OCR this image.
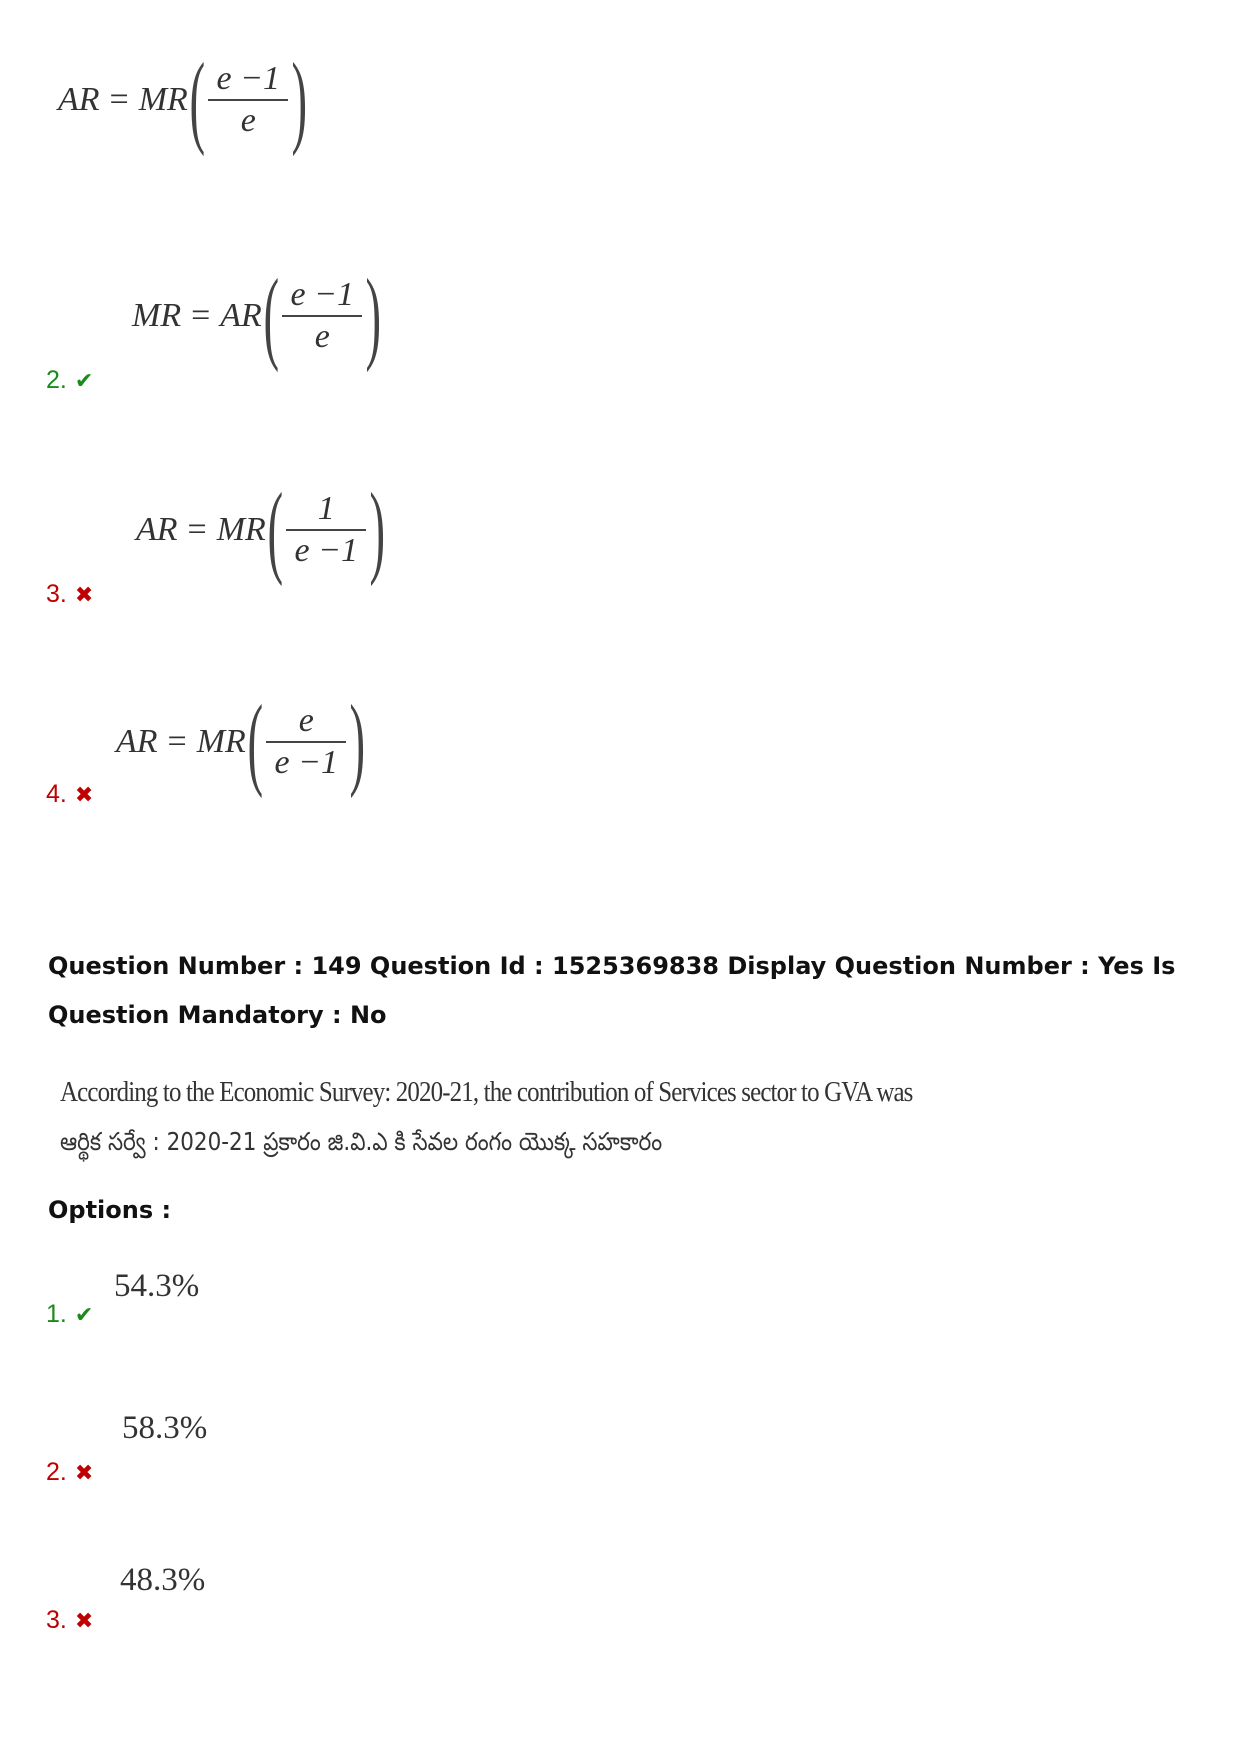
AR = MR ( $\frac{e -1}{e}$ )
MR = AR ( $\frac{e -1}{e}$ )
2. ✔
AR = MR ( $\frac{1}{e -1}$ )
3. ✖
AR = MR ( $\frac{e}{e -1}$ )
4. ✖
Question Number : 149 Question Id : 1525369838 Display Question Number : Yes Is Question Mandatory : No
According to the Economic Survey: 2020-21, the contribution of Services sector to GVA was
ఆర్థిక సర్వే : 2020-21 ప్రకారం జి.వి.ఎ కి సేవల రంగం యొక్క సహకారం
Options :
54.3%
1. ✔
58.3%
2. ✖
48.3%
3. ✖
